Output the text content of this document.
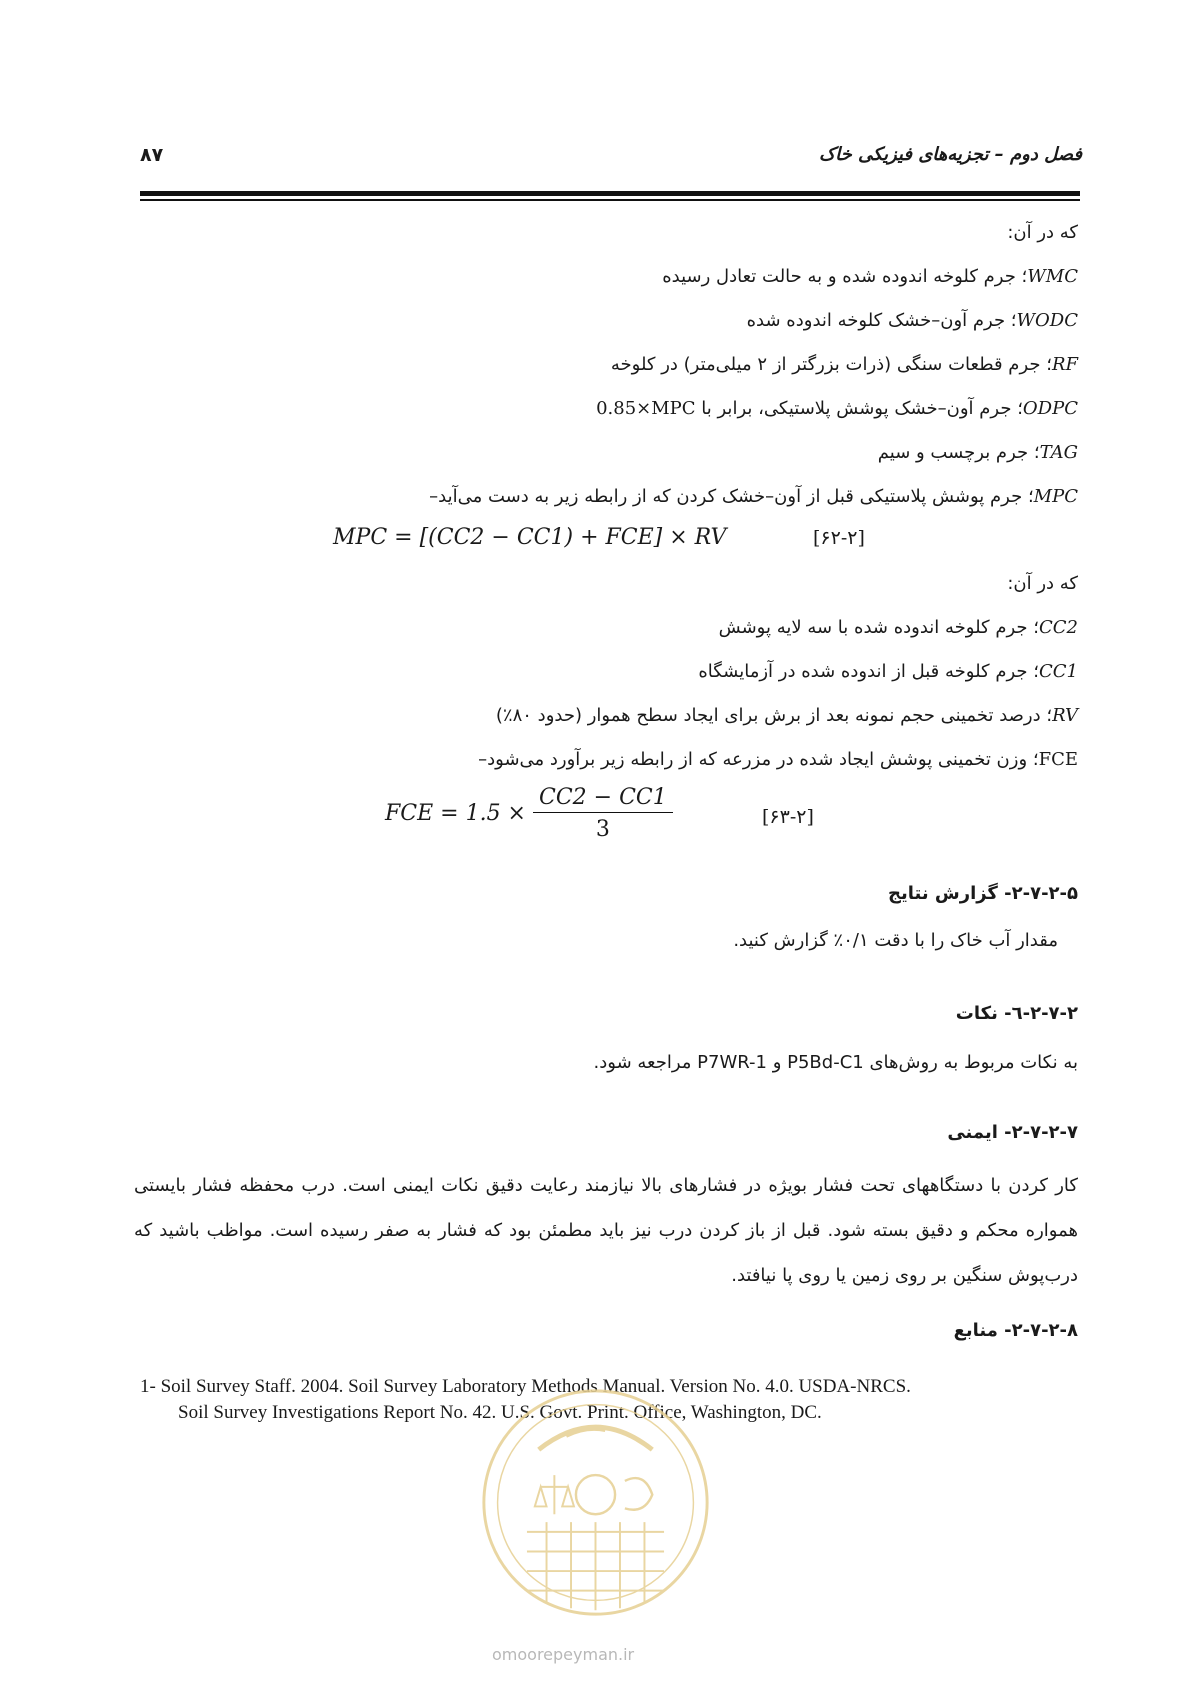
فصل دوم – تجزیه‌های فیزیکی خاک
۸۷
که در آن:
WMC؛ جرم کلوخه اندوده شده و به حالت تعادل رسیده
WODC؛ جرم آون–خشک کلوخه اندوده شده
RF؛ جرم قطعات سنگی (ذرات بزرگتر از ۲ میلی‌متر) در کلوخه
ODPC؛ جرم آون–خشک پوشش پلاستیکی، برابر با 0.85×MPC
TAG؛ جرم برچسب و سیم
MPC؛ جرم پوشش پلاستیکی قبل از آون–خشک کردن که از رابطه زیر به دست می‌آید–
MPC = [(CC2 − CC1) + FCE] × RV	[۶۲-۲]
که در آن:
CC2؛ جرم کلوخه اندوده شده با سه لایه پوشش
CC1؛ جرم کلوخه قبل از اندوده شده در آزمایشگاه
RV؛ درصد تخمینی حجم نمونه بعد از برش برای ایجاد سطح هموار (حدود ۸۰٪)
FCE؛ وزن تخمینی پوشش ایجاد شده در مزرعه که از رابطه زیر برآورد می‌شود–
FCE = $1.5 \times \frac{CC2 - CC1}{3}$	[۶۳-۲]
۲-۷-۲-۵- گزارش نتایج
مقدار آب خاک را با دقت ۰/۱٪ گزارش کنید.
۲-۷-۲-٦- نکات
به نکات مربوط به روش‌های P5Bd-C1 و P7WR-1 مراجعه شود.
۲-۷-۲-۷- ایمنی
کار کردن با دستگاههای تحت فشار بویژه در فشارهای بالا نیازمند رعایت دقیق نکات ایمنی است. درب محفظه فشار بایستی همواره محکم و دقیق بسته شود. قبل از باز کردن درب نیز باید مطمئن بود که فشار به صفر رسیده است. مواظب باشید که درب‌پوش سنگین بر روی زمین یا روی پا نیافتد.
۲-۷-۲-۸- منابع
1- Soil Survey Staff. 2004. Soil Survey Laboratory Methods Manual. Version No. 4.0. USDA-NRCS.
Soil Survey Investigations Report No. 42. U.S. Govt. Print. Office, Washington, DC.
omoorepeyman.ir
